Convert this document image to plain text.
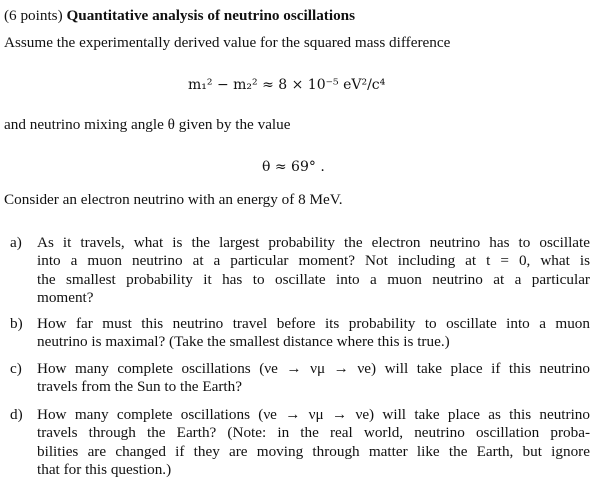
(6 points) Quantitative analysis of neutrino oscillations
Assume the experimentally derived value for the squared mass difference
m₁² − m₂² ≈ 8 × 10⁻⁵ eV²/c⁴
and neutrino mixing angle θ given by the value
θ ≈ 69° .
Consider an electron neutrino with an energy of 8 MeV.
a) As it travels, what is the largest probability the electron neutrino has to oscillate
into a muon neutrino at a particular moment? Not including at t = 0, what is
the smallest probability it has to oscillate into a muon neutrino at a particular
moment?
b) How far must this neutrino travel before its probability to oscillate into a muon
neutrino is maximal? (Take the smallest distance where this is true.)
c) How many complete oscillations (νe → νμ → νe) will take place if this neutrino
travels from the Sun to the Earth?
d) How many complete oscillations (νe → νμ → νe) will take place as this neutrino
travels through the Earth? (Note: in the real world, neutrino oscillation proba-
bilities are changed if they are moving through matter like the Earth, but ignore
that for this question.)
